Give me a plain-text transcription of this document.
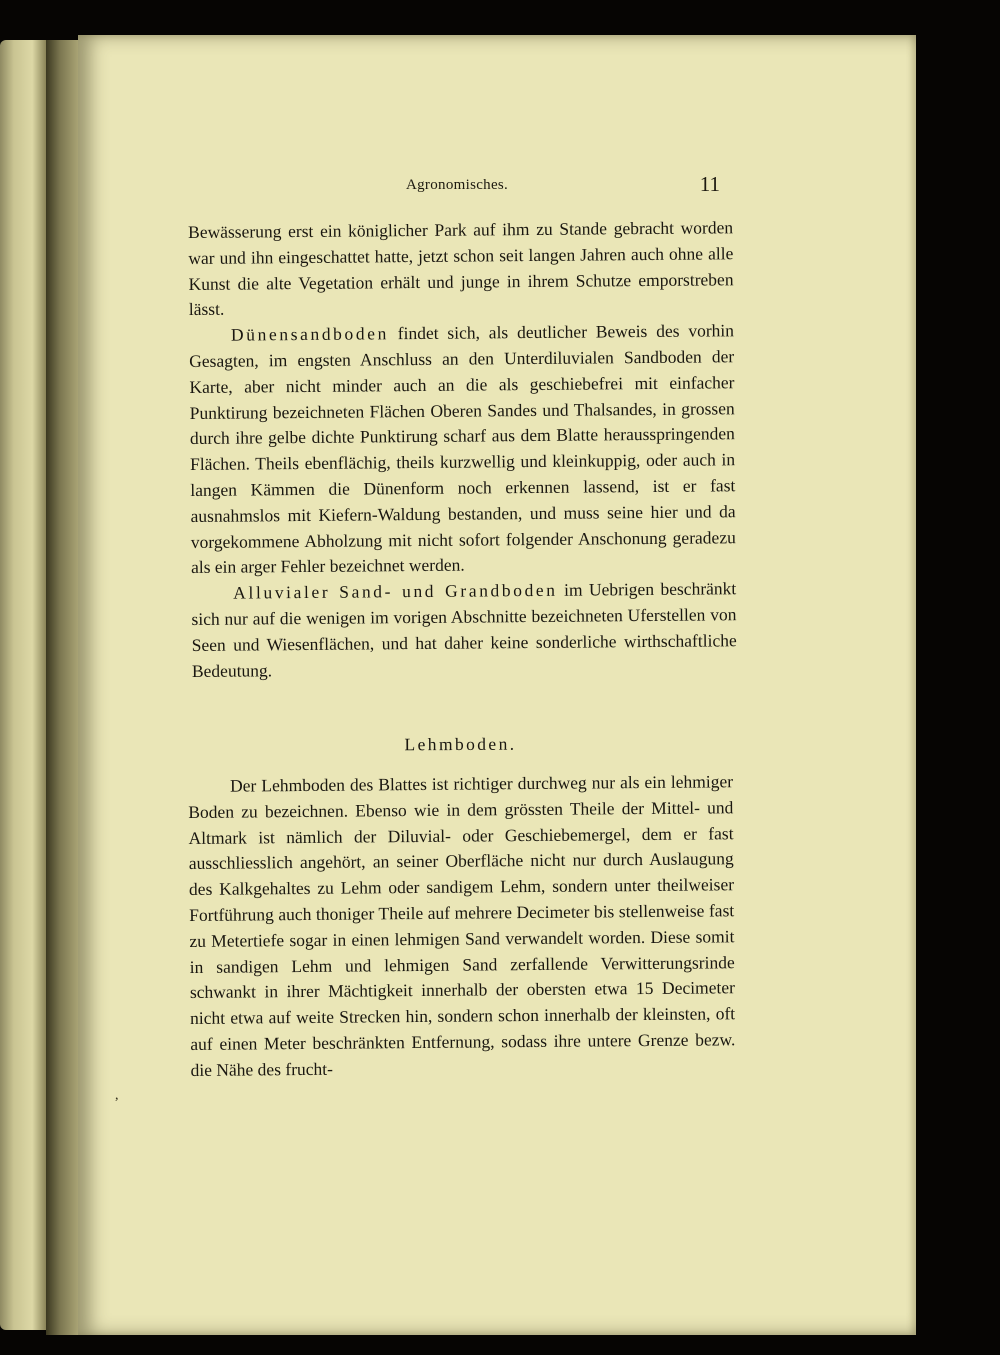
Agronomisches.	11

Bewässerung erst ein königlicher Park auf ihm zu Stande gebracht worden war und ihn eingeschattet hatte, jetzt schon seit langen Jahren auch ohne alle Kunst die alte Vegetation erhält und junge in ihrem Schutze emporstreben lässt.

Dünensandboden findet sich, als deutlicher Beweis des vorhin Gesagten, im engsten Anschluss an den Unterdiluvialen Sandboden der Karte, aber nicht minder auch an die als geschiebefrei mit einfacher Punktirung bezeichneten Flächen Oberen Sandes und Thalsandes, in grossen durch ihre gelbe dichte Punktirung scharf aus dem Blatte herausspringenden Flächen. Theils ebenflächig, theils kurzwellig und kleinkuppig, oder auch in langen Kämmen die Dünenform noch erkennen lassend, ist er fast ausnahmslos mit Kiefern-Waldung bestanden, und muss seine hier und da vorgekommene Abholzung mit nicht sofort folgender Anschonung geradezu als ein arger Fehler bezeichnet werden.

Alluvialer Sand- und Grandboden im Uebrigen beschränkt sich nur auf die wenigen im vorigen Abschnitte bezeichneten Uferstellen von Seen und Wiesenflächen, und hat daher keine sonderliche wirthschaftliche Bedeutung.

Lehmboden.

Der Lehmboden des Blattes ist richtiger durchweg nur als ein lehmiger Boden zu bezeichnen. Ebenso wie in dem grössten Theile der Mittel- und Altmark ist nämlich der Diluvial- oder Geschiebemergel, dem er fast ausschliesslich angehört, an seiner Oberfläche nicht nur durch Auslaugung des Kalkgehaltes zu Lehm oder sandigem Lehm, sondern unter theilweiser Fortführung auch thoniger Theile auf mehrere Decimeter bis stellenweise fast zu Metertiefe sogar in einen lehmigen Sand verwandelt worden. Diese somit in sandigen Lehm und lehmigen Sand zerfallende Verwitterungsrinde schwankt in ihrer Mächtigkeit innerhalb der obersten etwa 15 Decimeter nicht etwa auf weite Strecken hin, sondern schon innerhalb der kleinsten, oft auf einen Meter beschränkten Entfernung, sodass ihre untere Grenze bezw. die Nähe des frucht-

,
